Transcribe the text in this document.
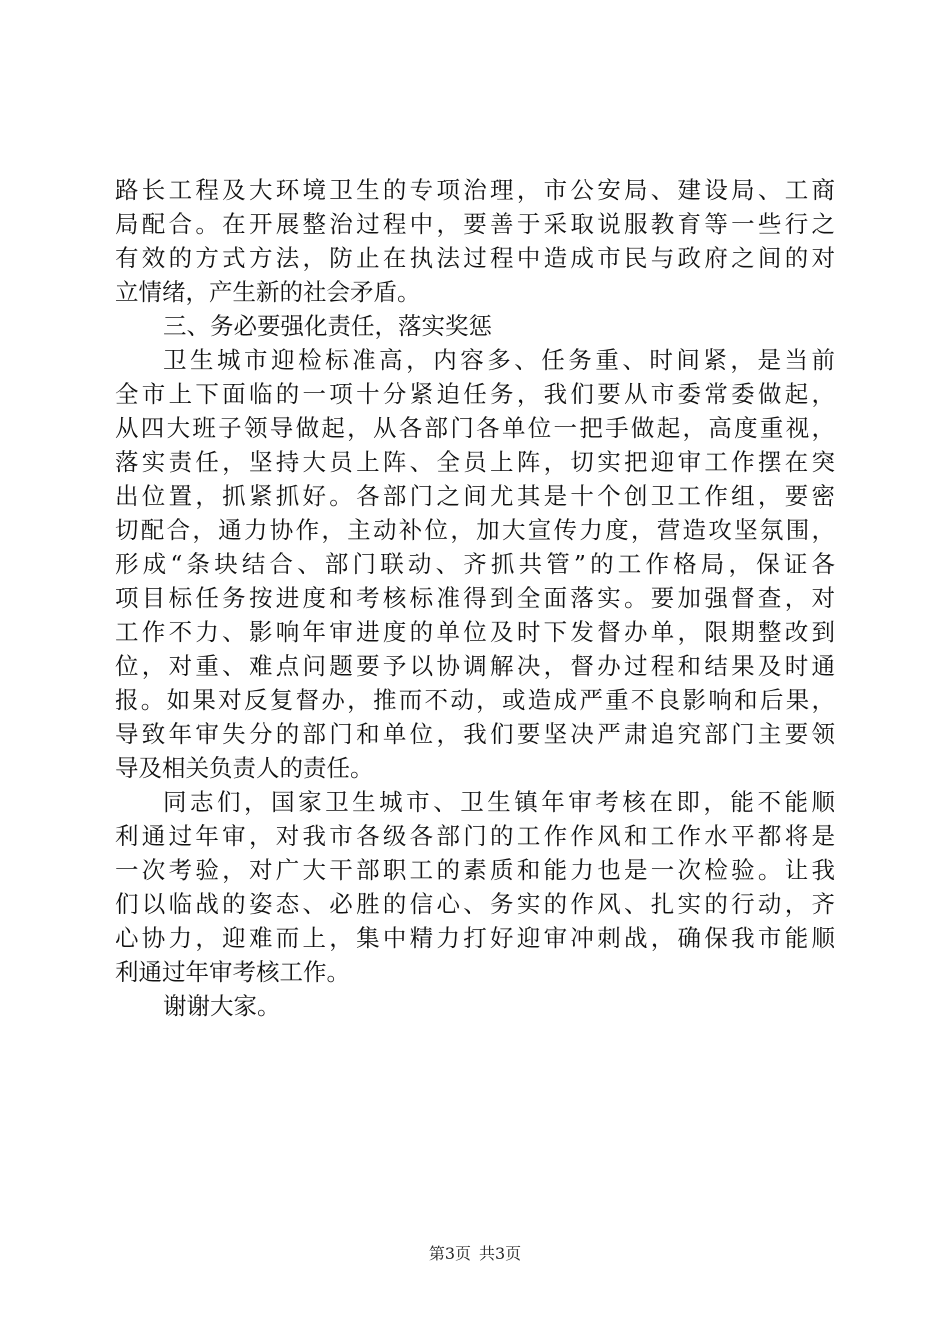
路长工程及大环境卫生的专项治理，市公安局、建设局、工商
局配合。在开展整治过程中，要善于采取说服教育等一些行之
有效的方式方法，防止在执法过程中造成市民与政府之间的对
立情绪，产生新的社会矛盾。
三、务必要强化责任，落实奖惩
卫生城市迎检标准高，内容多、任务重、时间紧，是当前
全市上下面临的一项十分紧迫任务，我们要从市委常委做起，
从四大班子领导做起，从各部门各单位一把手做起，高度重视，
落实责任，坚持大员上阵、全员上阵，切实把迎审工作摆在突
出位置，抓紧抓好。各部门之间尤其是十个创卫工作组，要密
切配合，通力协作，主动补位，加大宣传力度，营造攻坚氛围，
形成“条块结合、部门联动、齐抓共管”的工作格局，保证各
项目标任务按进度和考核标准得到全面落实。要加强督查，对
工作不力、影响年审进度的单位及时下发督办单，限期整改到
位，对重、难点问题要予以协调解决，督办过程和结果及时通
报。如果对反复督办，推而不动，或造成严重不良影响和后果，
导致年审失分的部门和单位，我们要坚决严肃追究部门主要领
导及相关负责人的责任。
同志们，国家卫生城市、卫生镇年审考核在即，能不能顺
利通过年审，对我市各级各部门的工作作风和工作水平都将是
一次考验，对广大干部职工的素质和能力也是一次检验。让我
们以临战的姿态、必胜的信心、务实的作风、扎实的行动，齐
心协力，迎难而上，集中精力打好迎审冲刺战，确保我市能顺
利通过年审考核工作。
谢谢大家。
第3页 共3页
